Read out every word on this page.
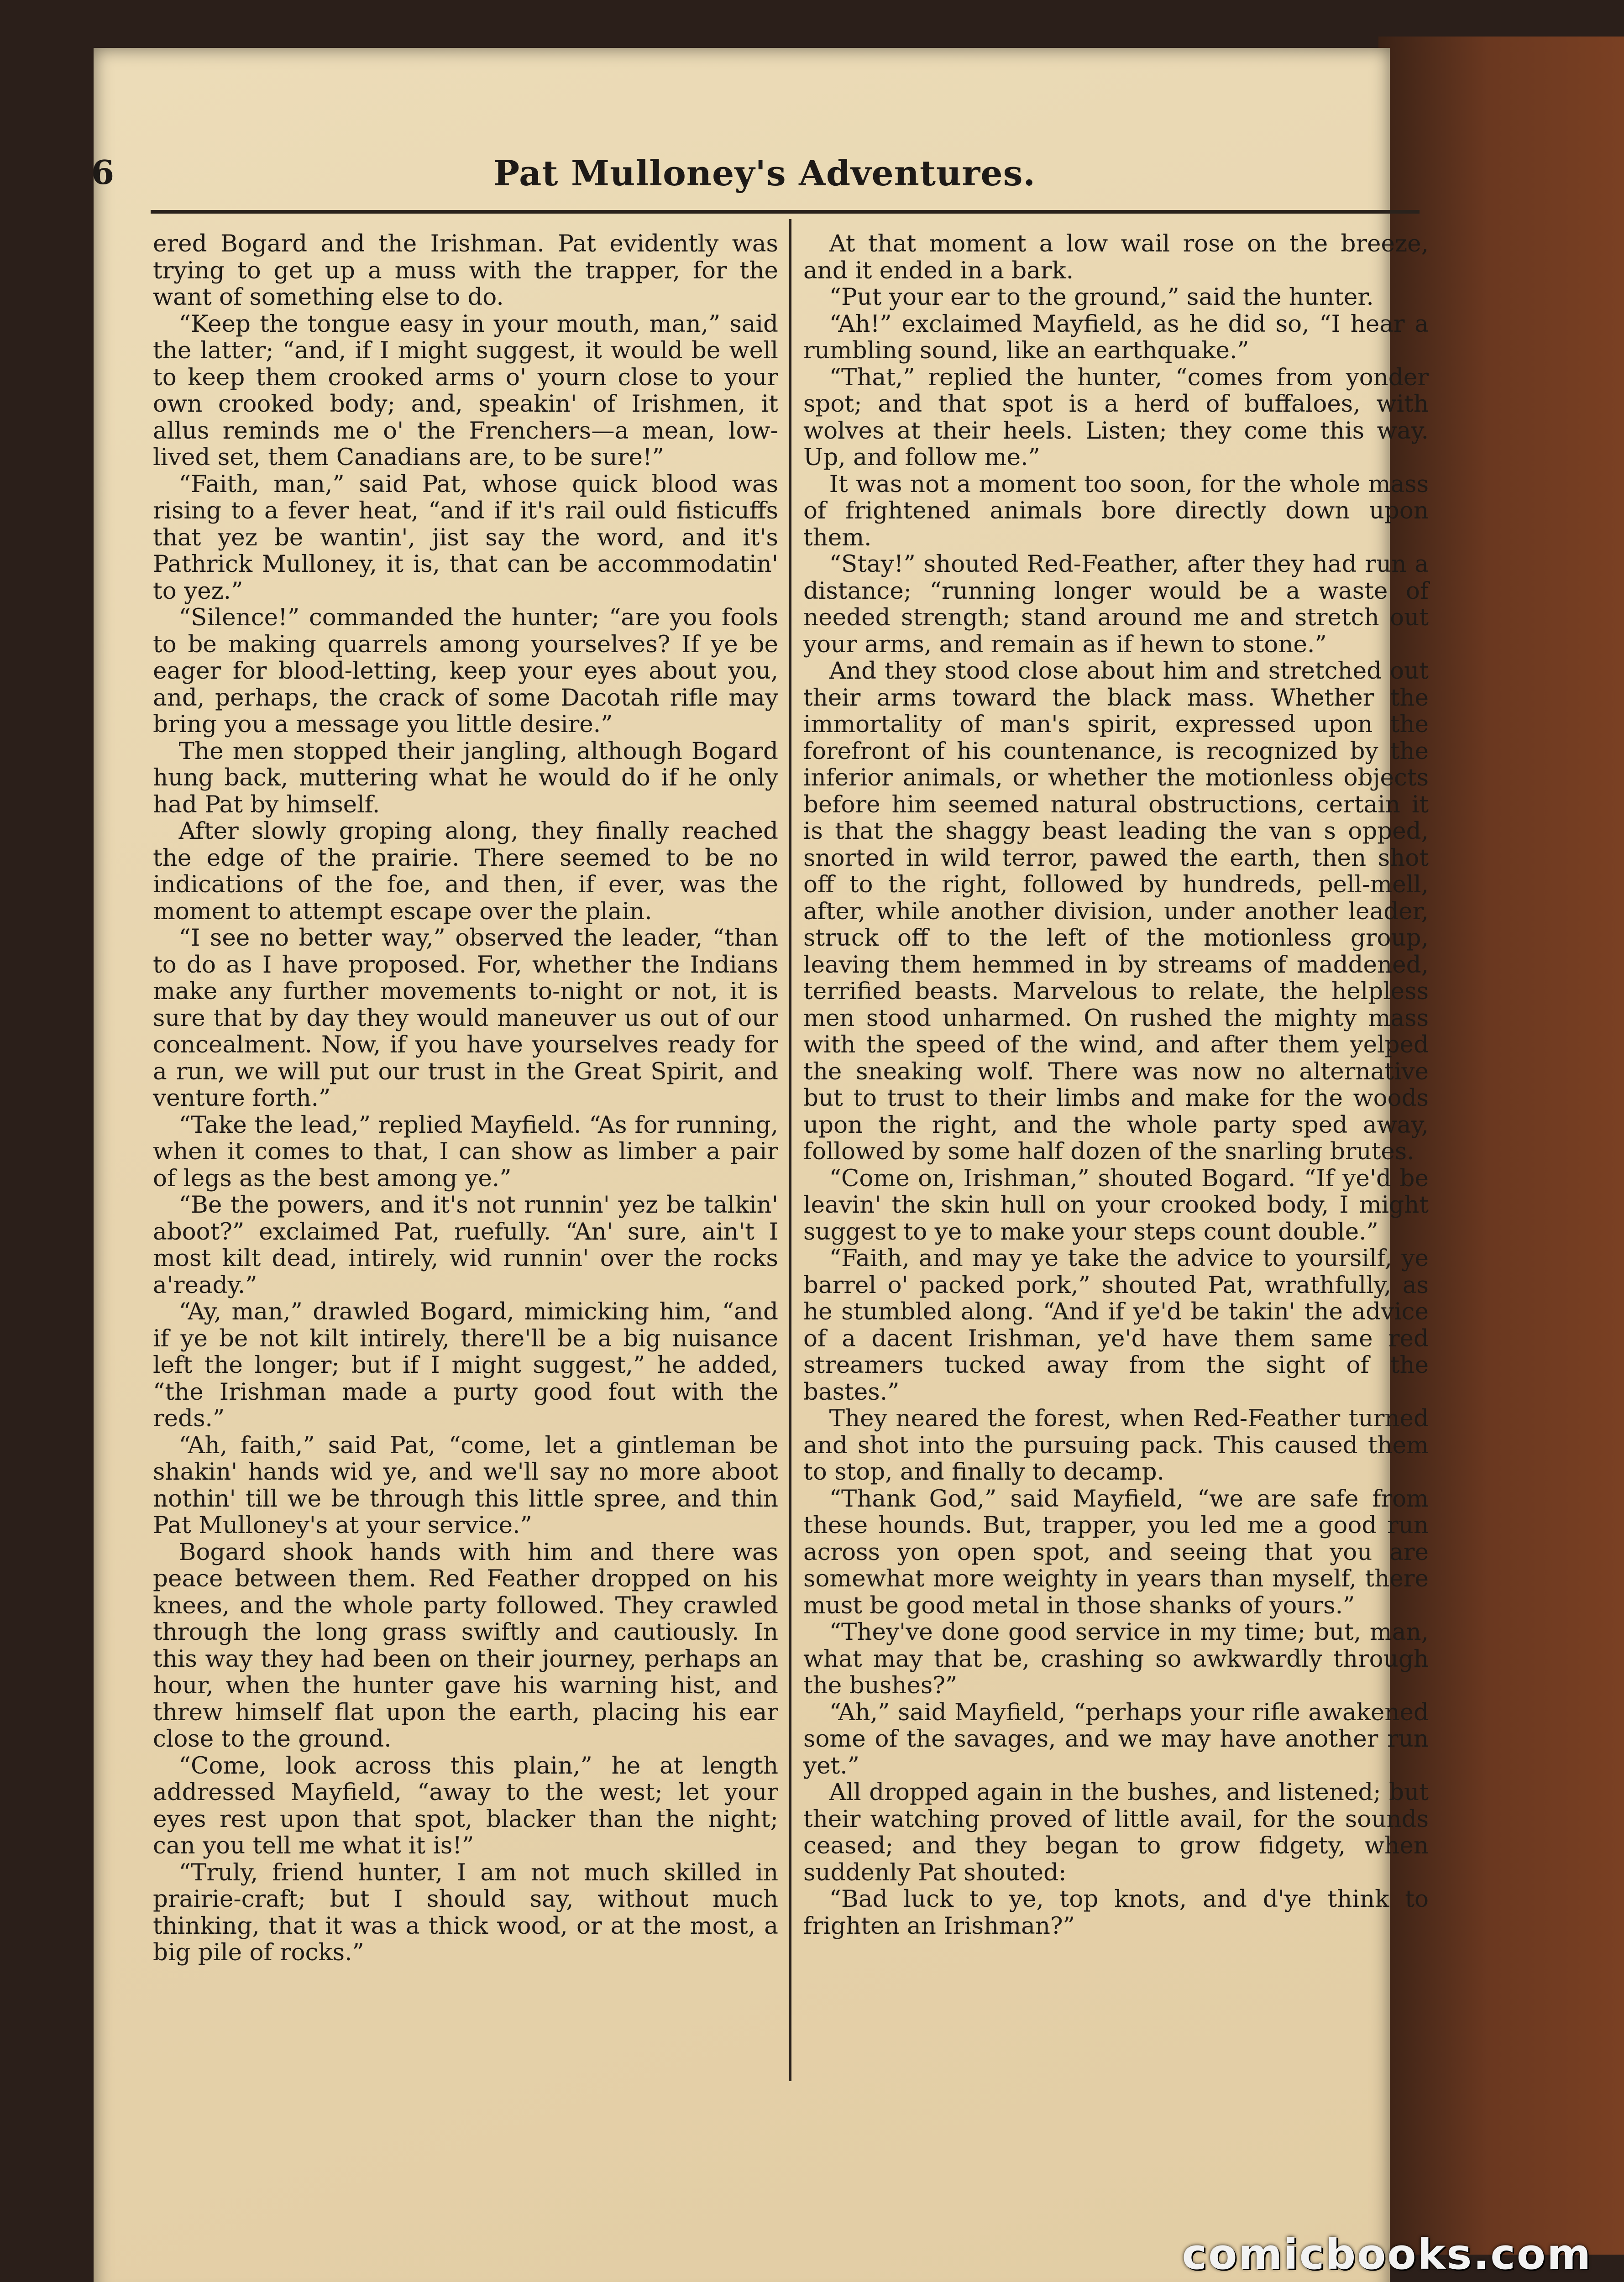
6	Pat Mulloney's Adventures.

ered Bogard and the Irishman. Pat evidently was trying to get up a muss with the trapper, for the want of something else to do.

“Keep the tongue easy in your mouth, man,” said the latter; “and, if I might suggest, it would be well to keep them crooked arms o' yourn close to your own crooked body; and, speakin' of Irishmen, it allus reminds me o' the Frenchers—a mean, low-lived set, them Canadians are, to be sure!”

“Faith, man,” said Pat, whose quick blood was rising to a fever heat, “and if it's rail ould fisticuffs that yez be wantin', jist say the word, and it's Pathrick Mulloney, it is, that can be accommodatin' to yez.”

“Silence!” commanded the hunter; “are you fools to be making quarrels among yourselves? If ye be eager for blood-letting, keep your eyes about you, and, perhaps, the crack of some Dacotah rifle may bring you a message you little desire.”

The men stopped their jangling, although Bogard hung back, muttering what he would do if he only had Pat by himself.

After slowly groping along, they finally reached the edge of the prairie. There seemed to be no indications of the foe, and then, if ever, was the moment to attempt escape over the plain.

“I see no better way,” observed the leader, “than to do as I have proposed. For, whether the Indians make any further movements to-night or not, it is sure that by day they would maneuver us out of our concealment. Now, if you have yourselves ready for a run, we will put our trust in the Great Spirit, and venture forth.”

“Take the lead,” replied Mayfield. “As for running, when it comes to that, I can show as limber a pair of legs as the best among ye.”

“Be the powers, and it's not runnin' yez be talkin' aboot?” exclaimed Pat, ruefully. “An' sure, ain't I most kilt dead, intirely, wid runnin' over the rocks a'ready.”

“Ay, man,” drawled Bogard, mimicking him, “and if ye be not kilt intirely, there'll be a big nuisance left the longer; but if I might suggest,” he added, “the Irishman made a purty good fout with the reds.”

“Ah, faith,” said Pat, “come, let a gintleman be shakin' hands wid ye, and we'll say no more aboot nothin' till we be through this little spree, and thin Pat Mulloney's at your service.”

Bogard shook hands with him and there was peace between them. Red Feather dropped on his knees, and the whole party followed. They crawled through the long grass swiftly and cautiously. In this way they had been on their journey, perhaps an hour, when the hunter gave his warning hist, and threw himself flat upon the earth, placing his ear close to the ground.

“Come, look across this plain,” he at length addressed Mayfield, “away to the west; let your eyes rest upon that spot, blacker than the night; can you tell me what it is!”

“Truly, friend hunter, I am not much skilled in prairie-craft; but I should say, without much thinking, that it was a thick wood, or at the most, a big pile of rocks.”

At that moment a low wail rose on the breeze, and it ended in a bark.

“Put your ear to the ground,” said the hunter.

“Ah!” exclaimed Mayfield, as he did so, “I hear a rumbling sound, like an earthquake.”

“That,” replied the hunter, “comes from yonder spot; and that spot is a herd of buffaloes, with wolves at their heels. Listen; they come this way. Up, and follow me.”

It was not a moment too soon, for the whole mass of frightened animals bore directly down upon them.

“Stay!” shouted Red-Feather, after they had run a distance; “running longer would be a waste of needed strength; stand around me and stretch out your arms, and remain as if hewn to stone.”

And they stood close about him and stretched out their arms toward the black mass. Whether the immortality of man's spirit, expressed upon the forefront of his countenance, is recognized by the inferior animals, or whether the motionless objects before him seemed natural obstructions, certain it is that the shaggy beast leading the van s opped, snorted in wild terror, pawed the earth, then shot off to the right, followed by hundreds, pell-mell, after, while another division, under another leader, struck off to the left of the motionless group, leaving them hemmed in by streams of maddened, terrified beasts. Marvelous to relate, the helpless men stood unharmed. On rushed the mighty mass with the speed of the wind, and after them yelped the sneaking wolf. There was now no alternative but to trust to their limbs and make for the woods upon the right, and the whole party sped away, followed by some half dozen of the snarling brutes.

“Come on, Irishman,” shouted Bogard. “If ye'd be leavin' the skin hull on your crooked body, I might suggest to ye to make your steps count double.”

“Faith, and may ye take the advice to yoursilf, ye barrel o' packed pork,” shouted Pat, wrathfully, as he stumbled along. “And if ye'd be takin' the advice of a dacent Irishman, ye'd have them same red streamers tucked away from the sight of the bastes.”

They neared the forest, when Red-Feather turned and shot into the pursuing pack. This caused them to stop, and finally to decamp.

“Thank God,” said Mayfield, “we are safe from these hounds. But, trapper, you led me a good run across yon open spot, and seeing that you are somewhat more weighty in years than myself, there must be good metal in those shanks of yours.”

“They've done good service in my time; but, man, what may that be, crashing so awkwardly through the bushes?”

“Ah,” said Mayfield, “perhaps your rifle awakened some of the savages, and we may have another run yet.”

All dropped again in the bushes, and listened; but their watching proved of little avail, for the sounds ceased; and they began to grow fidgety, when suddenly Pat shouted:

“Bad luck to ye, top knots, and d'ye think to frighten an Irishman?”

comicbooks.com
